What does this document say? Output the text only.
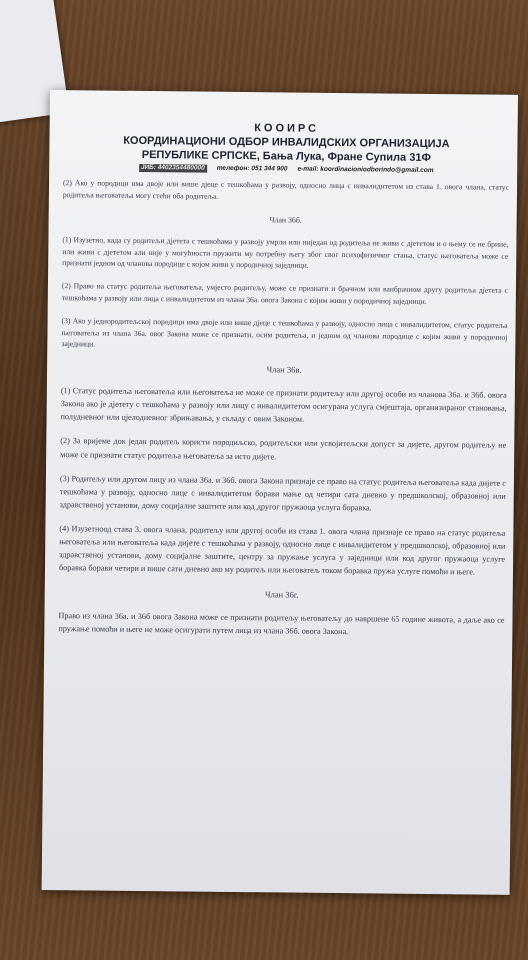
КООИРС
КООРДИНАЦИОНИ ОДБОР ИНВАЛИДСКИХ ОРГАНИЗАЦИЈА
РЕПУБЛИКЕ СРПСКЕ, Бања Лука, Фране Супила 31Ф
ЈИБ: 4402354480000	телефон: 051 344 900 e-mail: koordinacioniodborindo@gmail.com

(2) Ако у породици има двоје или више дјеце с тешкоћама у развоју, односно лица с инвалидитетом из става 1. овога члана, статус родитеља његоватеља могу стећи оба родитеља.

Члан 36б.

(1) Изузетно, када су родитељи дјетета с тешкоћама у развоју умрли или ниједан од родитеља не живи с дјететом и о њему се не брине, или живи с дјететом али није у могућности пружити му потребну његу због свог психофизичког стања, статус његоватеља може се признати једном од чланова породице с којом живи у породичној заједници.

(2) Право на статус родитеља његоватеља, умјесто родитељу, може се признати и брачном или ванбрачном другу родитеља дјетета с тешкоћама у развоју или лица с инвалидитетом из члана 36а. овога Закона с којим живи у породичној заједници.

(3) Ако у једнородитељској породици има двоје или више дјеце с тешкоћама у развоју, односно лица с инвалидитетом, статус родитеља његоватеља из члана 36а. овог Закона може се признати, осим родитеља, и једном од чланова породице с којим живи у породичној заједници.

Члан 36в.

(1) Статус родитеља његоватеља или његоватеља не може се признати родитељу или другој особи из чланова 36а. и 36б. овога Закона ако је дјетету с тешкоћама у развоју или лицу с инвалидитетом осигурана услуга смјештаја, организираног становања, полудневног или цјелодневног збрињавања, у складу с овим Законом.

(2) За вријеме док један родитељ користи породиљско, родитељски или усвојитељски допуст за дијете, другом родитељу не може се признати статус родитеља његоватеља за исто дијете.

(3) Родитељу или другом лицу из члана 36а. и 36б. овога Закона признаје се право на статус родитеља његоватеља када дијете с тешкоћама у развоју, односно лице с инвалидитетом борави мање од четири сата дневно у предшколској, образовној или здравственој установи, дому социјалне заштите или код другог пружаоца услуга боравка.

(4) Изузетноод става 3. овога члана, родитељу или другој особи из става 1. овога члана признаје се право на статус родитеља његоватеља или његоватеља када дијете с тешкоћама у развоју, односно лице с инвалидитетом у предшколској, образовној или здравственој установи, дому социјалне заштите, центру за пружање услуга у заједници или код другог пружаоца услуге боравка борави четири и више сати дневно ако му родитељ или његоватељ током боравка пружа услуге помоћи и његе.

Члан 36г.

Право из члана 36а. и 36б овога Закона може се признати родитељу његоватељу до навршене 65 године живота, а даље ако се пружање помоћи и његе не може осигурати путем лица из члана 36б. овога Закона.
